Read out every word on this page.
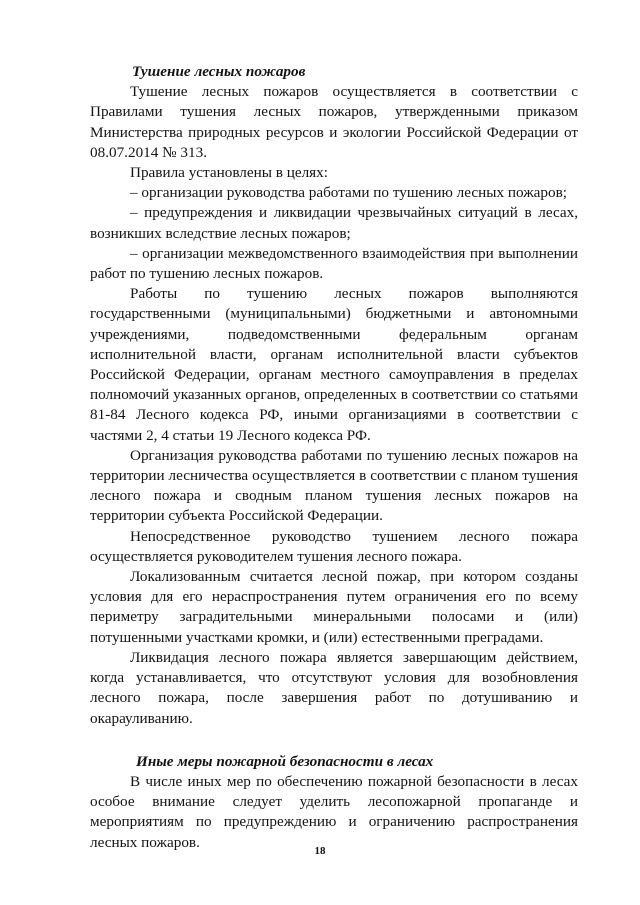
Тушение лесных пожаров

Тушение лесных пожаров осуществляется в соответствии с Правилами тушения лесных пожаров, утвержденными приказом Министерства природных ресурсов и экологии Российской Федерации от 08.07.2014 № 313.

Правила установлены в целях:

– организации руководства работами по тушению лесных пожаров;

– предупреждения и ликвидации чрезвычайных ситуаций в лесах, возникших вследствие лесных пожаров;

– организации межведомственного взаимодействия при выполнении работ по тушению лесных пожаров.

Работы по тушению лесных пожаров выполняются государственными (муниципальными) бюджетными и автономными учреждениями, подведомственными федеральным органам исполнительной власти, органам исполнительной власти субъектов Российской Федерации, органам местного самоуправления в пределах полномочий указанных органов, определенных в соответствии со статьями 81-84 Лесного кодекса РФ, иными организациями в соответствии с частями 2, 4 статьи 19 Лесного кодекса РФ.

Организация руководства работами по тушению лесных пожаров на территории лесничества осуществляется в соответствии с планом тушения лесного пожара и сводным планом тушения лесных пожаров на территории субъекта Российской Федерации.

Непосредственное руководство тушением лесного пожара осуществляется руководителем тушения лесного пожара.

Локализованным считается лесной пожар, при котором созданы условия для его нераспространения путем ограничения его по всему периметру заградительными минеральными полосами и (или) потушенными участками кромки, и (или) естественными преградами.

Ликвидация лесного пожара является завершающим действием, когда устанавливается, что отсутствуют условия для возобновления лесного пожара, после завершения работ по дотушиванию и окарауливанию.

Иные меры пожарной безопасности в лесах

В числе иных мер по обеспечению пожарной безопасности в лесах особое внимание следует уделить лесопожарной пропаганде и мероприятиям по предупреждению и ограничению распространения лесных пожаров.

18
